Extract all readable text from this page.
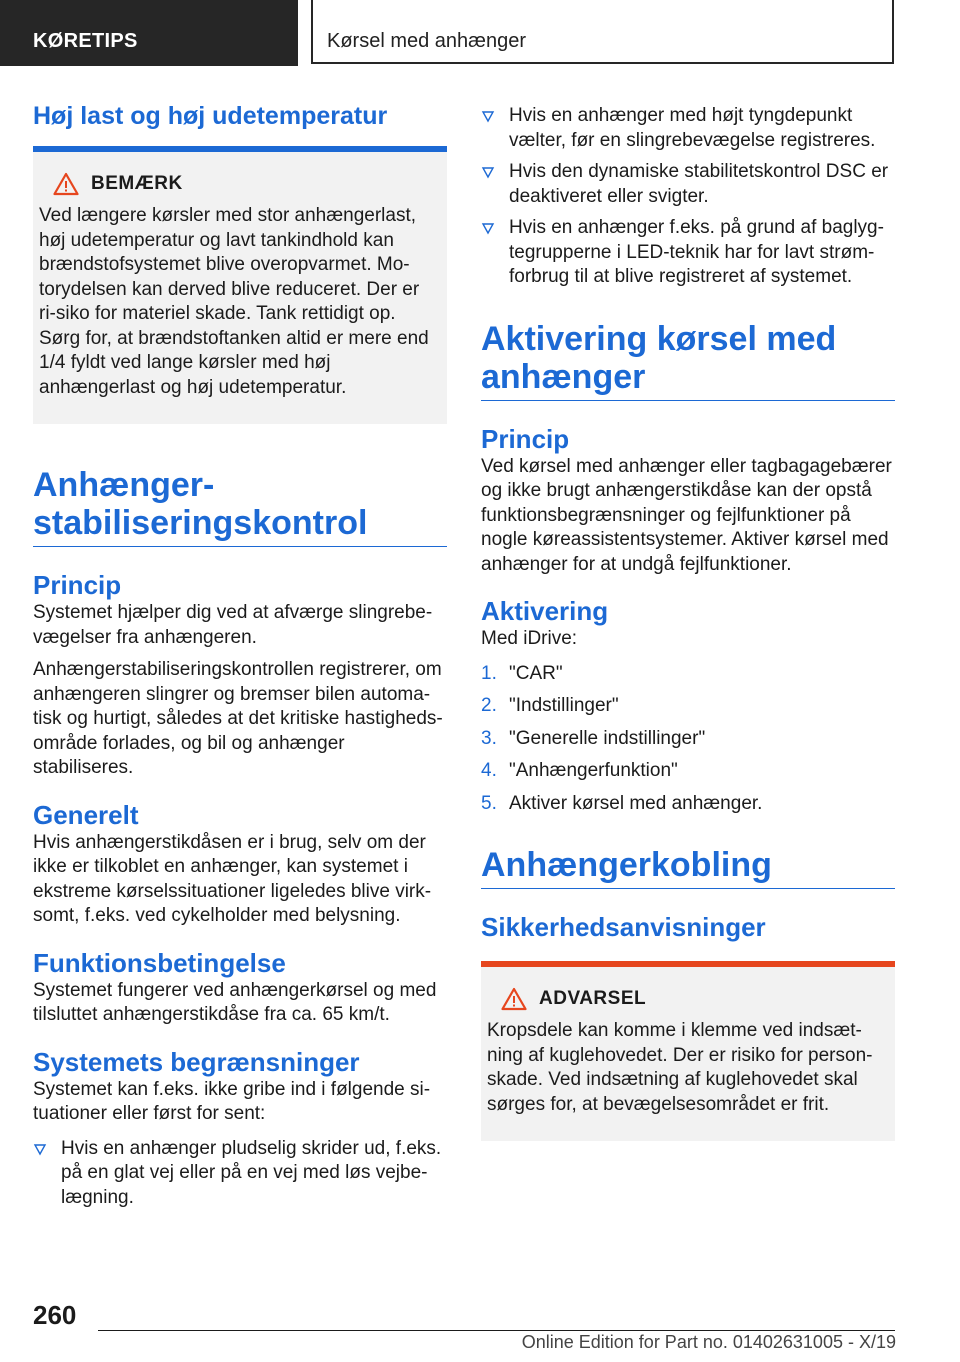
KØRETIPS	Kørsel med anhænger
Høj last og høj udetemperatur
BEMÆRK

Ved længere kørsler med stor anhængerlast, høj udetemperatur og lavt tankindhold kan brændstofsystemet blive overopvarmet. Mo-torydelsen kan derved blive reduceret. Der er ri-siko for materiel skade. Tank rettidigt op. Sørg for, at brændstoftanken altid er mere end 1/4 fyldt ved lange kørsler med høj anhængerlast og høj udetemperatur.

Anhænger-stabiliseringskontrol
Princip

Systemet hjælper dig ved at afværge slingrebe-vægelser fra anhængeren.

Anhængerstabiliseringskontrollen registrerer, om anhængeren slingrer og bremser bilen automa-tisk og hurtigt, således at det kritiske hastigheds-område forlades, og bil og anhænger stabiliseres.

Generelt

Hvis anhængerstikdåsen er i brug, selv om der ikke er tilkoblet en anhænger, kan systemet i ekstreme kørselssituationer ligeledes blive virk-somt, f.eks. ved cykelholder med belysning.

Funktionsbetingelse

Systemet fungerer ved anhængerkørsel og med tilsluttet anhængerstikdåse fra ca. 65 km/t.

Systemets begrænsninger

Systemet kan f.eks. ikke gribe ind i følgende si-tuationer eller først for sent:

Hvis en anhænger pludselig skrider ud, f.eks. på en glat vej eller på en vej med løs vejbe-lægning.
Hvis en anhænger med højt tyngdepunkt vælter, før en slingrebevægelse registreres.
Hvis den dynamiske stabilitetskontrol DSC er deaktiveret eller svigter.
Hvis en anhænger f.eks. på grund af baglyg-tegrupperne i LED-teknik har for lavt strøm-forbrug til at blive registreret af systemet.
Aktivering kørsel med anhænger
Princip

Ved kørsel med anhænger eller tagbagagebærer og ikke brugt anhængerstikdåse kan der opstå funktionsbegrænsninger og fejlfunktioner på nogle køreassistentsystemer. Aktiver kørsel med anhænger for at undgå fejlfunktioner.

Aktivering

Med iDrive:

1. "CAR"
2. "Indstillinger"
3. "Generelle indstillinger"
4. "Anhængerfunktion"
5. Aktiver kørsel med anhænger.
Anhængerkobling
Sikkerhedsanvisninger
ADVARSEL

Kropsdele kan komme i klemme ved indsæt-ning af kuglehovedet. Der er risiko for person-skade. Ved indsætning af kuglehovedet skal sørges for, at bevægelsesområdet er frit.

260
Online Edition for Part no. 01402631005 - X/19
